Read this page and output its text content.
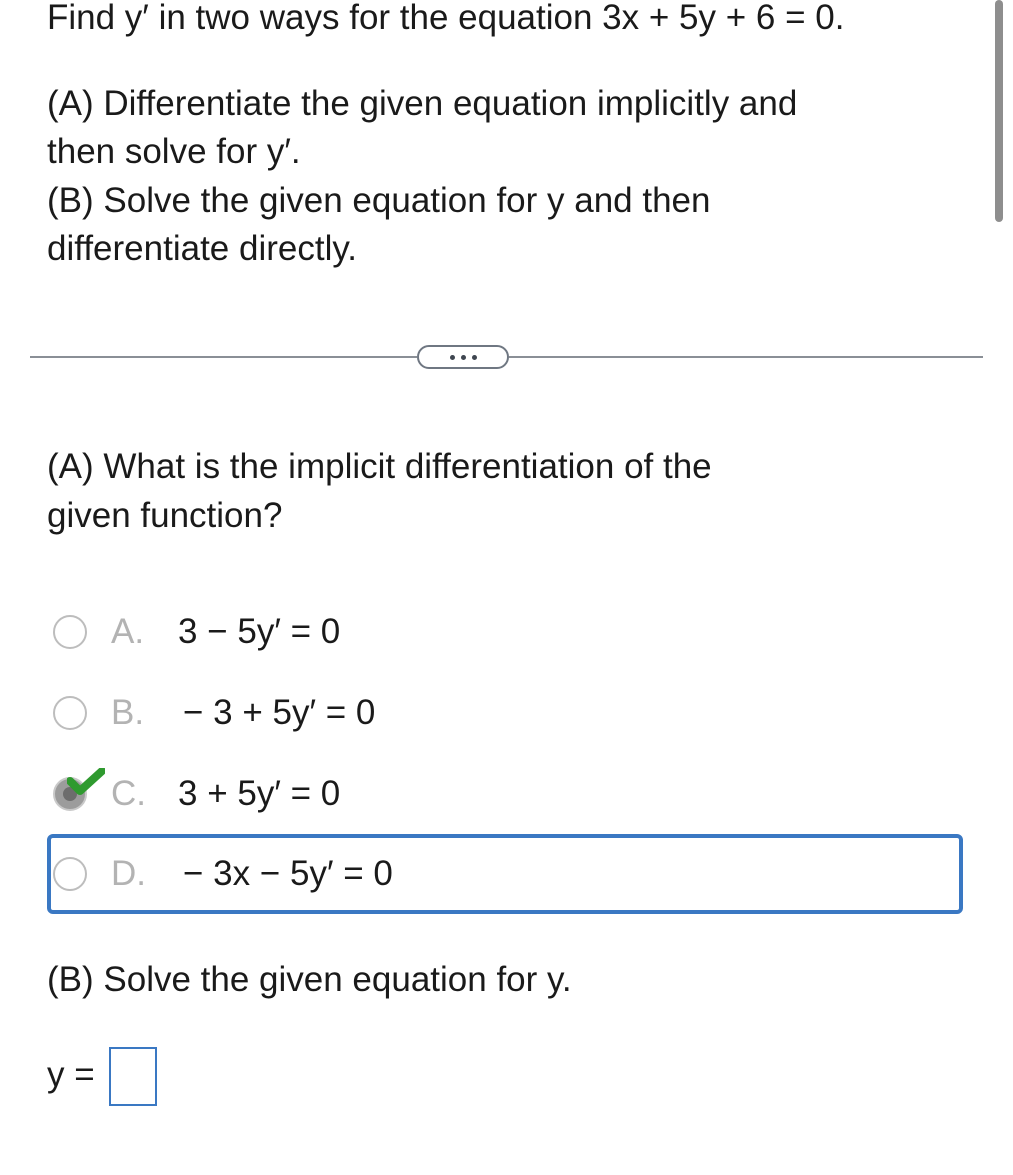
Find y′ in two ways for the equation 3x + 5y + 6 = 0.
(A) Differentiate the given equation implicitly and
then solve for y′.
(B) Solve the given equation for y and then
differentiate directly.
(A) What is the implicit differentiation of the
given function?
A. 3 − 5y′ = 0
B. − 3 + 5y′ = 0
C. 3 + 5y′ = 0
D. − 3x − 5y′ = 0
(B) Solve the given equation for y.
y =
